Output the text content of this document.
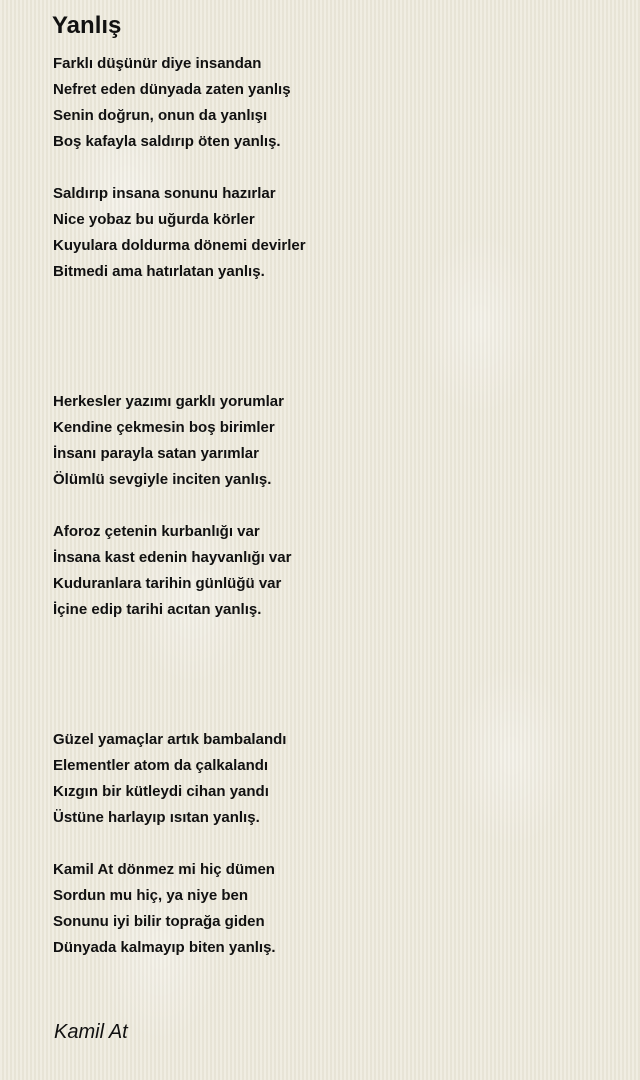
Yanlış
Farklı düşünür diye insandan
Nefret eden dünyada zaten yanlış
Senin doğrun, onun da yanlışı
Boş kafayla saldırıp öten yanlış.
Saldırıp insana sonunu hazırlar
Nice yobaz bu uğurda körler
Kuyulara doldurma dönemi devirler
Bitmedi ama hatırlatan yanlış.
Herkesler yazımı garklı yorumlar
Kendine çekmesin boş birimler
İnsanı parayla satan yarımlar
Ölümlü sevgiyle inciten yanlış.
Aforoz çetenin kurbanlığı var
İnsana kast edenin hayvanlığı var
Kuduranlara tarihin günlüğü var
İçine edip tarihi acıtan yanlış.
Güzel yamaçlar artık bambalandı
Elementler atom da çalkalandı
Kızgın bir kütleydi cihan yandı
Üstüne harlayıp ısıtan yanlış.
Kamil At dönmez mi hiç dümen
Sordun mu hiç, ya niye ben
Sonunu iyi bilir toprağa giden
Dünyada kalmayıp biten yanlış.
Kamil At
